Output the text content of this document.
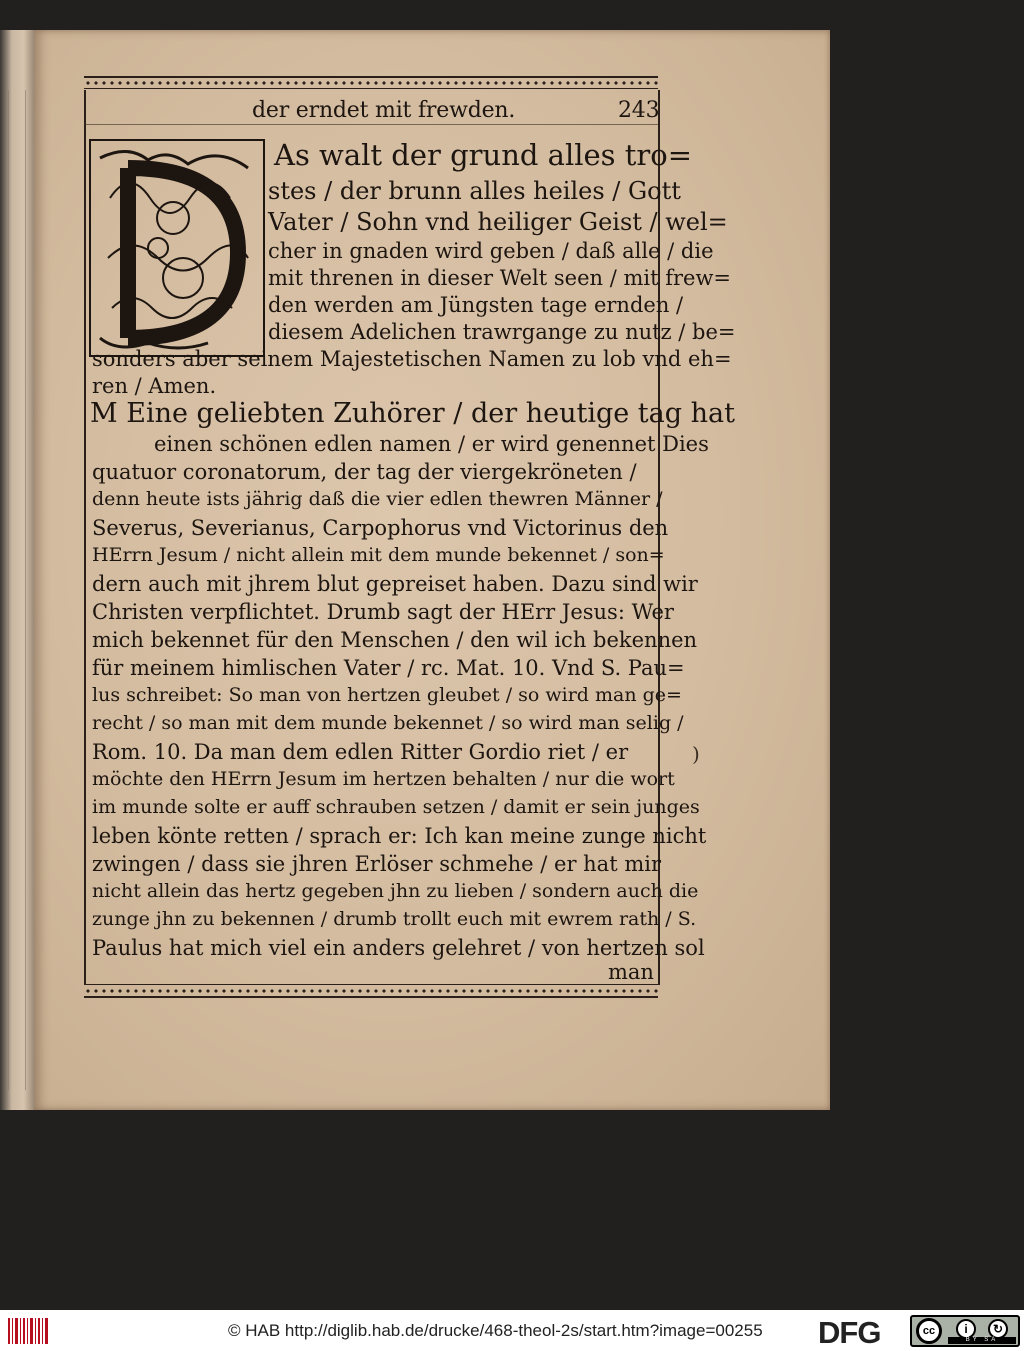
der erndet mit frewden.	243
As walt der grund alles tro=
stes / der brunn alles heiles / Gott
Vater / Sohn vnd heiliger Geist / wel=
cher in gnaden wird geben / daß alle / die
mit threnen in dieser Welt seen / mit frew=
den werden am Jüngsten tage ernden /
diesem Adelichen trawrgange zu nutz / be=
sonders aber seinem Majestetischen Namen zu lob vnd eh=
ren / Amen.
M Eine geliebten Zuhörer / der heutige tag hat
einen schönen edlen namen / er wird genennet Dies
quatuor coronatorum, der tag der viergekröneten /
denn heute ists jährig daß die vier edlen thewren Männer /
Severus, Severianus, Carpophorus vnd Victorinus den
HErrn Jesum / nicht allein mit dem munde bekennet / son=
dern auch mit jhrem blut gepreiset haben. Dazu sind wir
Christen verpflichtet. Drumb sagt der HErr Jesus: Wer
mich bekennet für den Menschen / den wil ich bekennen
für meinem himlischen Vater / rc. Mat. 10. Vnd S. Pau=
lus schreibet: So man von hertzen gleubet / so wird man ge=
recht / so man mit dem munde bekennet / so wird man selig /
Rom. 10. Da man dem edlen Ritter Gordio riet / er
möchte den HErrn Jesum im hertzen behalten / nur die wort
im munde solte er auff schrauben setzen / damit er sein junges
leben könte retten / sprach er: Ich kan meine zunge nicht
zwingen / dass sie jhren Erlöser schmehe / er hat mir
nicht allein das hertz gegeben jhn zu lieben / sondern auch die
zunge jhn zu bekennen / drumb trollt euch mit ewrem rath / S.
Paulus hat mich viel ein anders gelehret / von hertzen sol
man
)
© HAB http://diglib.hab.de/drucke/468-theol-2s/start.htm?image=00255 DFG	cc	i	↻
BY SA
